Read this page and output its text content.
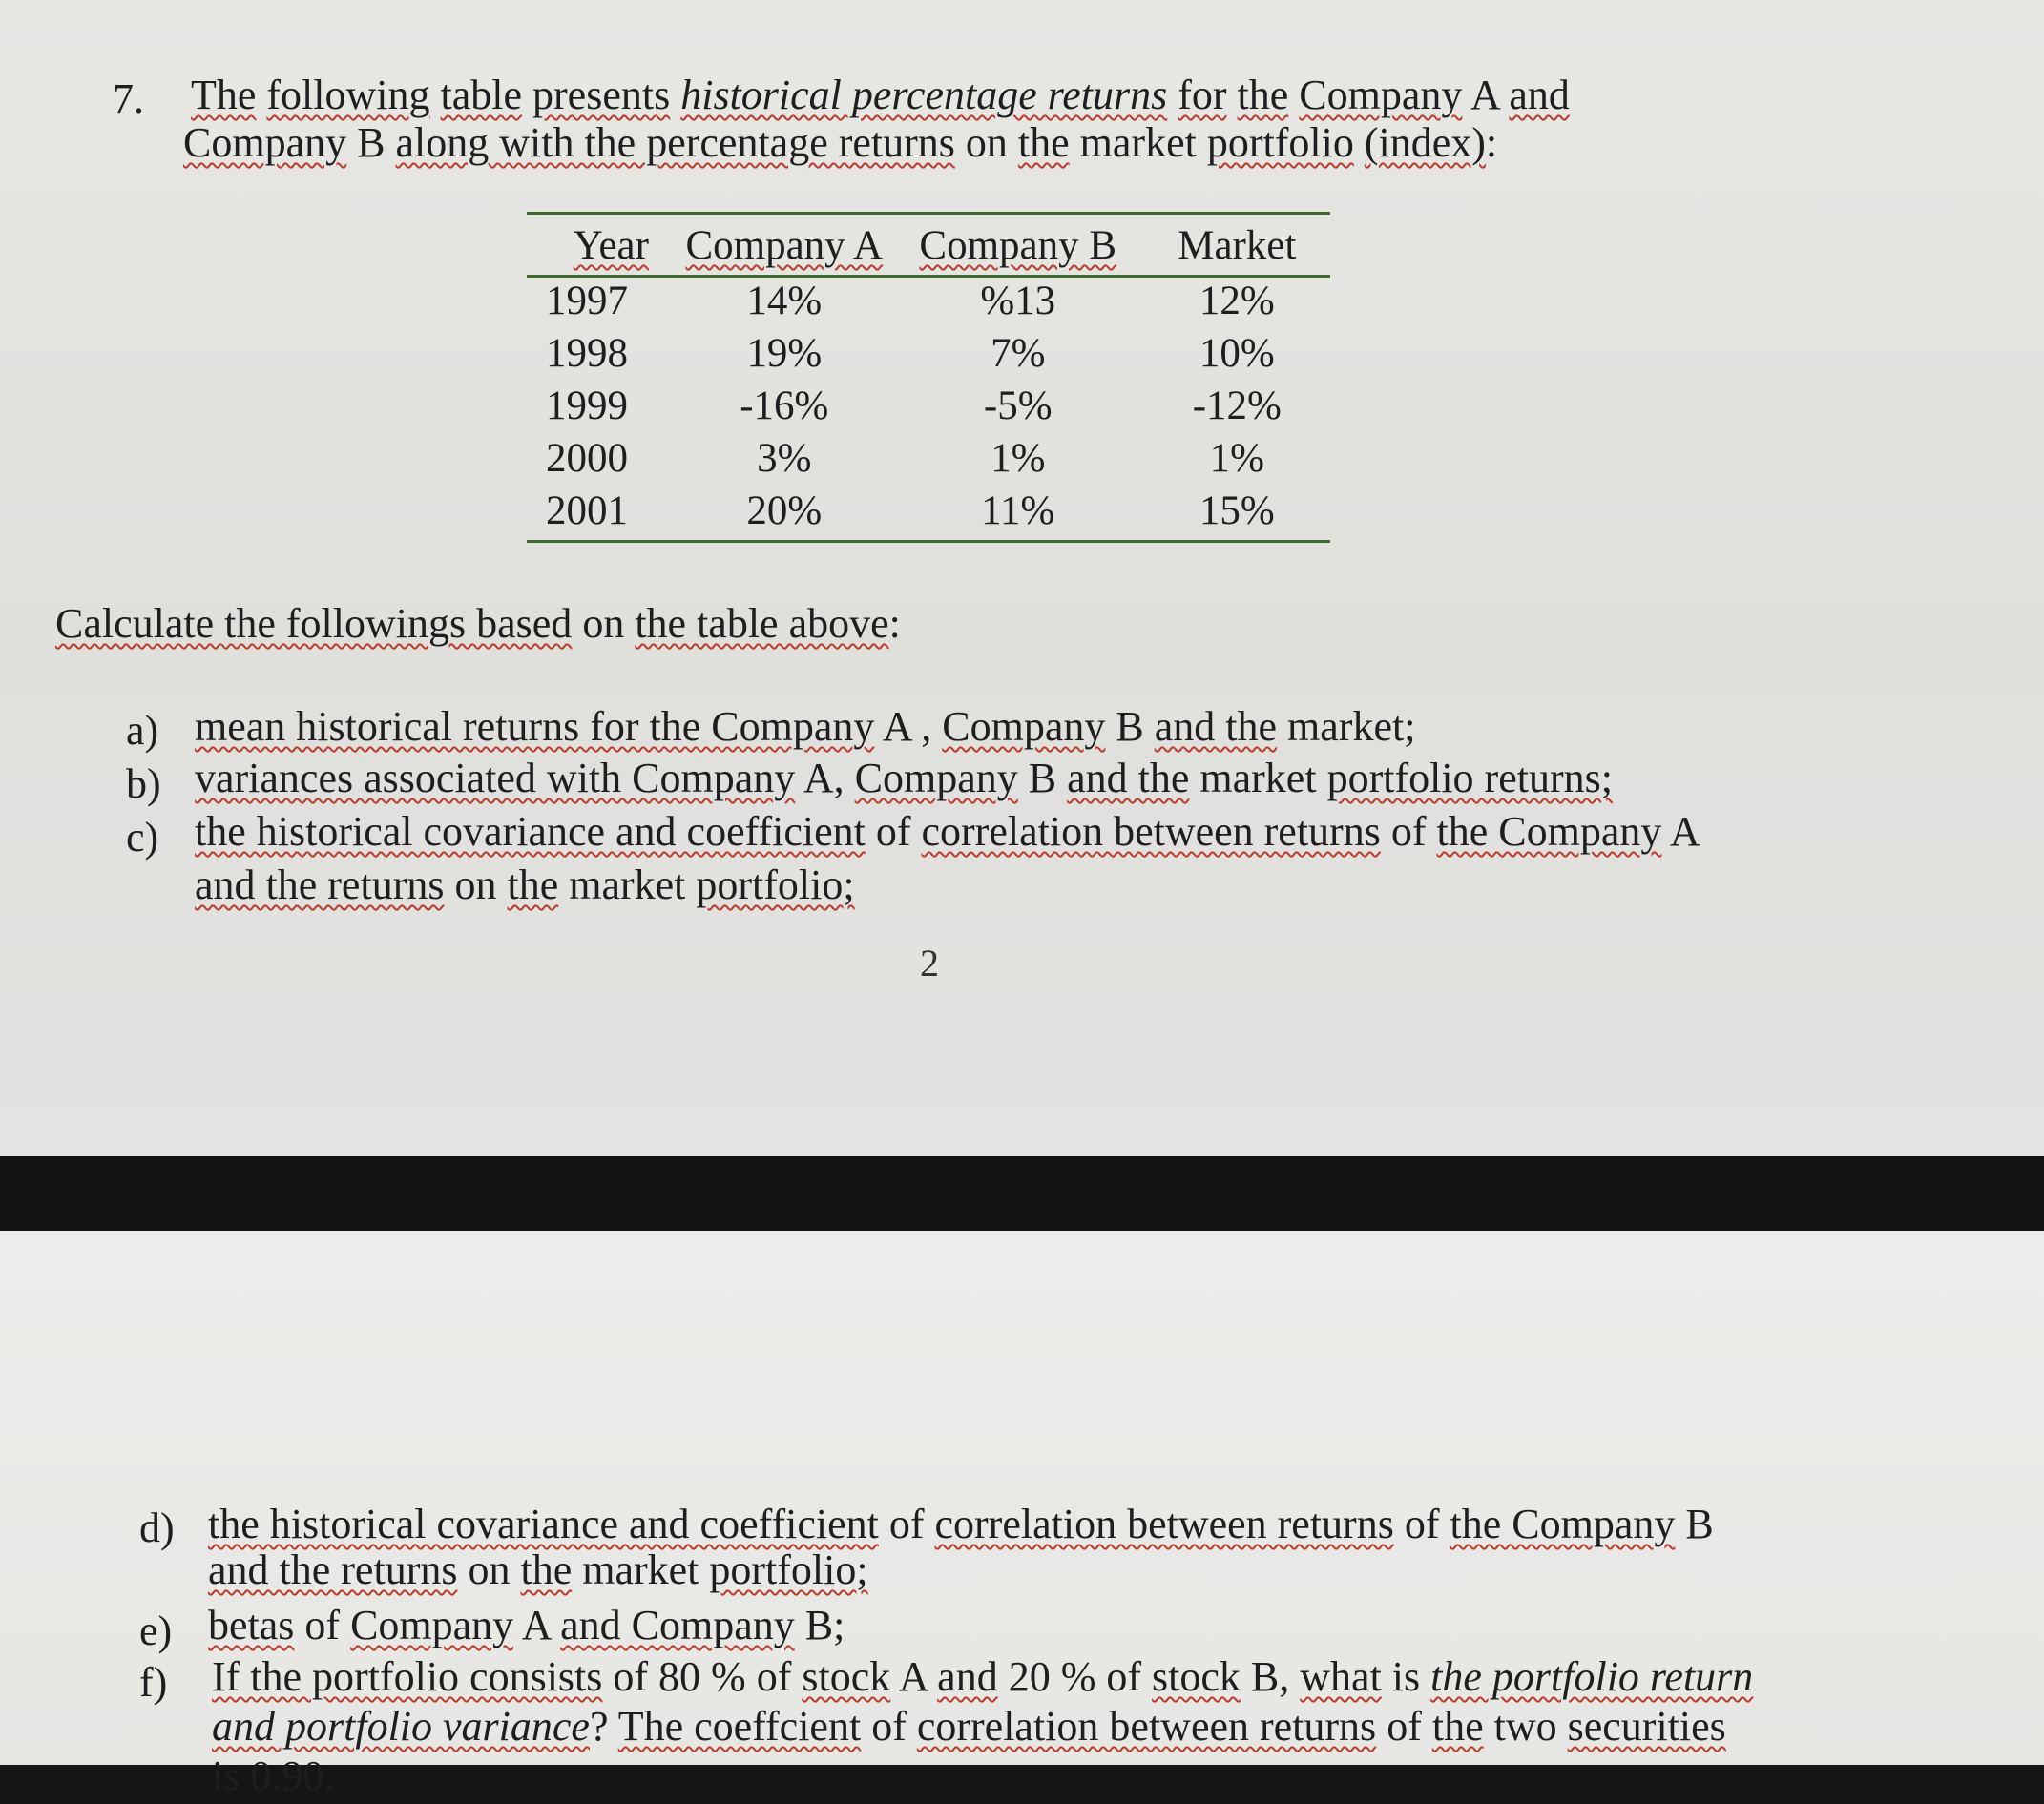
7. The following table presents historical percentage returns for the Company A and
Company B along with the percentage returns on the market portfolio (index):
Year	Company A	Company B	Market
1997	14%	%13	12%
1998	19%	7%	10%
1999	-16%	-5%	-12%
2000	3%	1%	1%
2001	20%	11%	15%
Calculate the followings based on the table above:
a) mean historical returns for the Company A , Company B and the market;
b) variances associated with Company A, Company B and the market portfolio returns;
c) the historical covariance and coefficient of correlation between returns of the Company A
and the returns on the market portfolio;
2
d) the historical covariance and coefficient of correlation between returns of the Company B
and the returns on the market portfolio;
e) betas of Company A and Company B;
f) If the portfolio consists of 80 % of stock A and 20 % of stock B, what is the portfolio return
and portfolio variance? The coeffcient of correlation between returns of the two securities
is 0.90.
